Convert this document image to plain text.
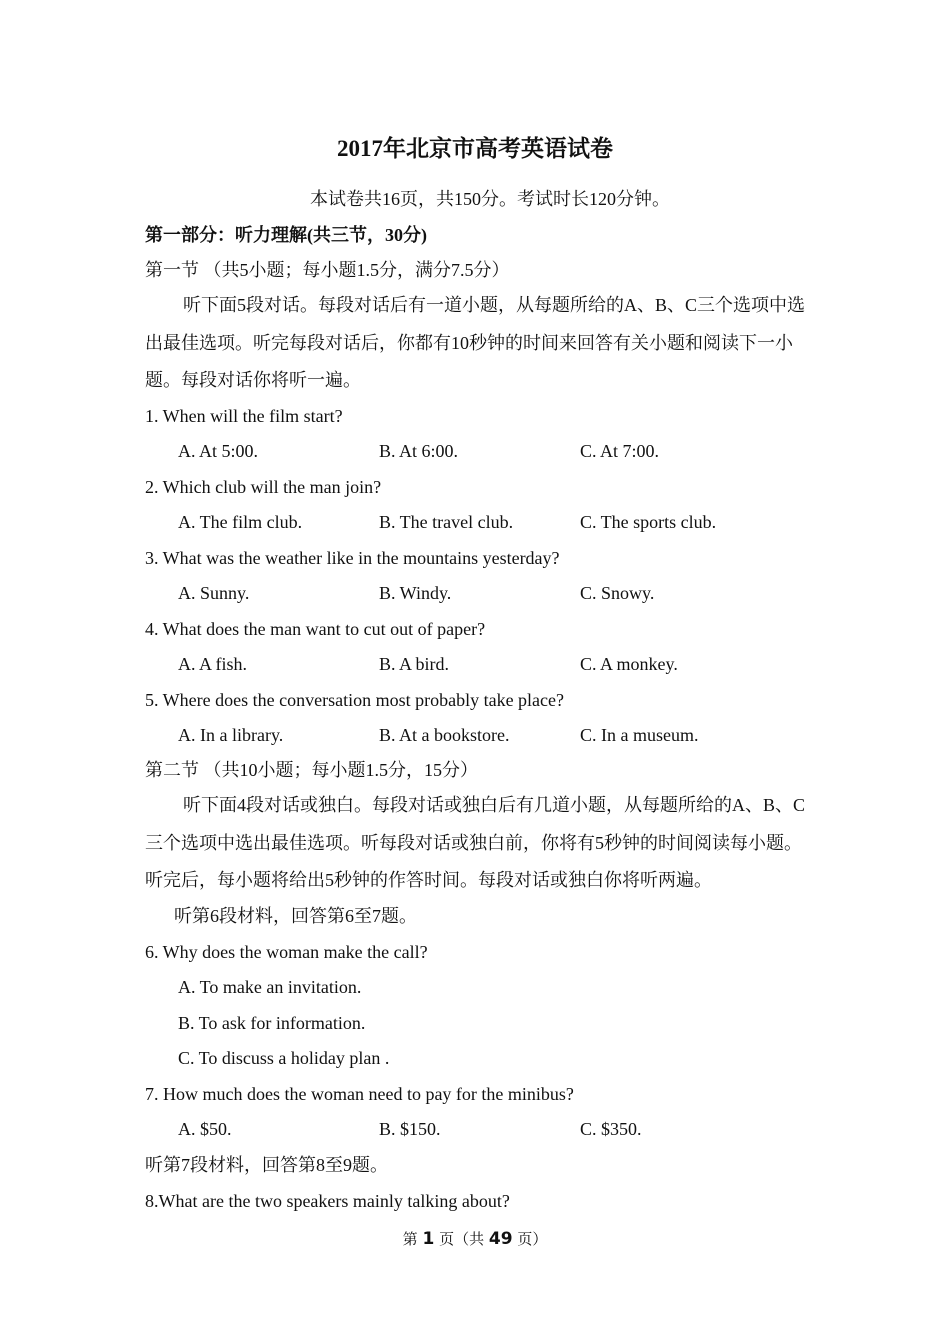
2017年北京市高考英语试卷
本试卷共16页，共150分。考试时长120分钟。
第一部分：听力理解(共三节，30分)
第一节 （共5小题；每小题1.5分，满分7.5分）
听下面5段对话。每段对话后有一道小题，从每题所给的A、B、C三个选项中选出最佳选项。听完每段对话后，你都有10秒钟的时间来回答有关小题和阅读下一小题。每段对话你将听一遍。
1. When will the film start?
A. At 5:00.	B. At 6:00.	C. At 7:00.
2. Which club will the man join?
A. The film club.	B. The travel club.	C. The sports club.
3. What was the weather like in the mountains yesterday?
A. Sunny.	B. Windy.	C. Snowy.
4. What does the man want to cut out of paper?
A. A fish.	B. A bird.	C. A monkey.
5. Where does the conversation most probably take place?
A. In a library.	B. At a bookstore.	C. In a museum.
第二节 （共10小题；每小题1.5分，15分）
听下面4段对话或独白。每段对话或独白后有几道小题，从每题所给的A、B、C三个选项中选出最佳选项。听每段对话或独白前，你将有5秒钟的时间阅读每小题。听完后，每小题将给出5秒钟的作答时间。每段对话或独白你将听两遍。
听第6段材料，回答第6至7题。
6. Why does the woman make the call?
A. To make an invitation.
B. To ask for information.
C. To discuss a holiday plan .
7. How much does the woman need to pay for the minibus?
A. $50.	B. $150.	C. $350.
听第7段材料，回答第8至9题。
8.What are the two speakers mainly talking about?
第 1 页（共 49 页）
